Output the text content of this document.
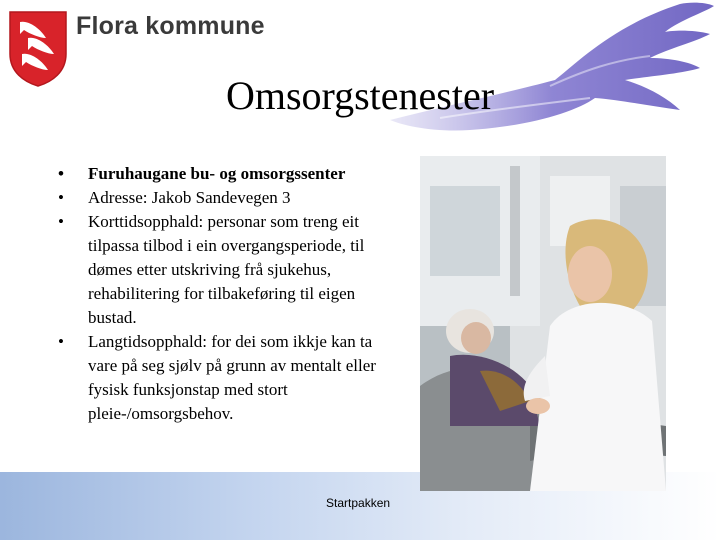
Flora kommune
Omsorgstenester
• Furuhaugane bu- og omsorgssenter
• Adresse: Jakob Sandevegen 3
• Korttidsopphald: personar som treng eit tilpassa tilbod i ein overgangsperiode, til dømes etter utskriving frå sjukehus, rehabilitering for tilbakeføring til eigen bustad.
• Langtidsopphald: for dei som ikkje kan ta vare på seg sjølv på grunn av mentalt eller fysisk funksjonstap med stort pleie-/omsorgsbehov.
Startpakken
